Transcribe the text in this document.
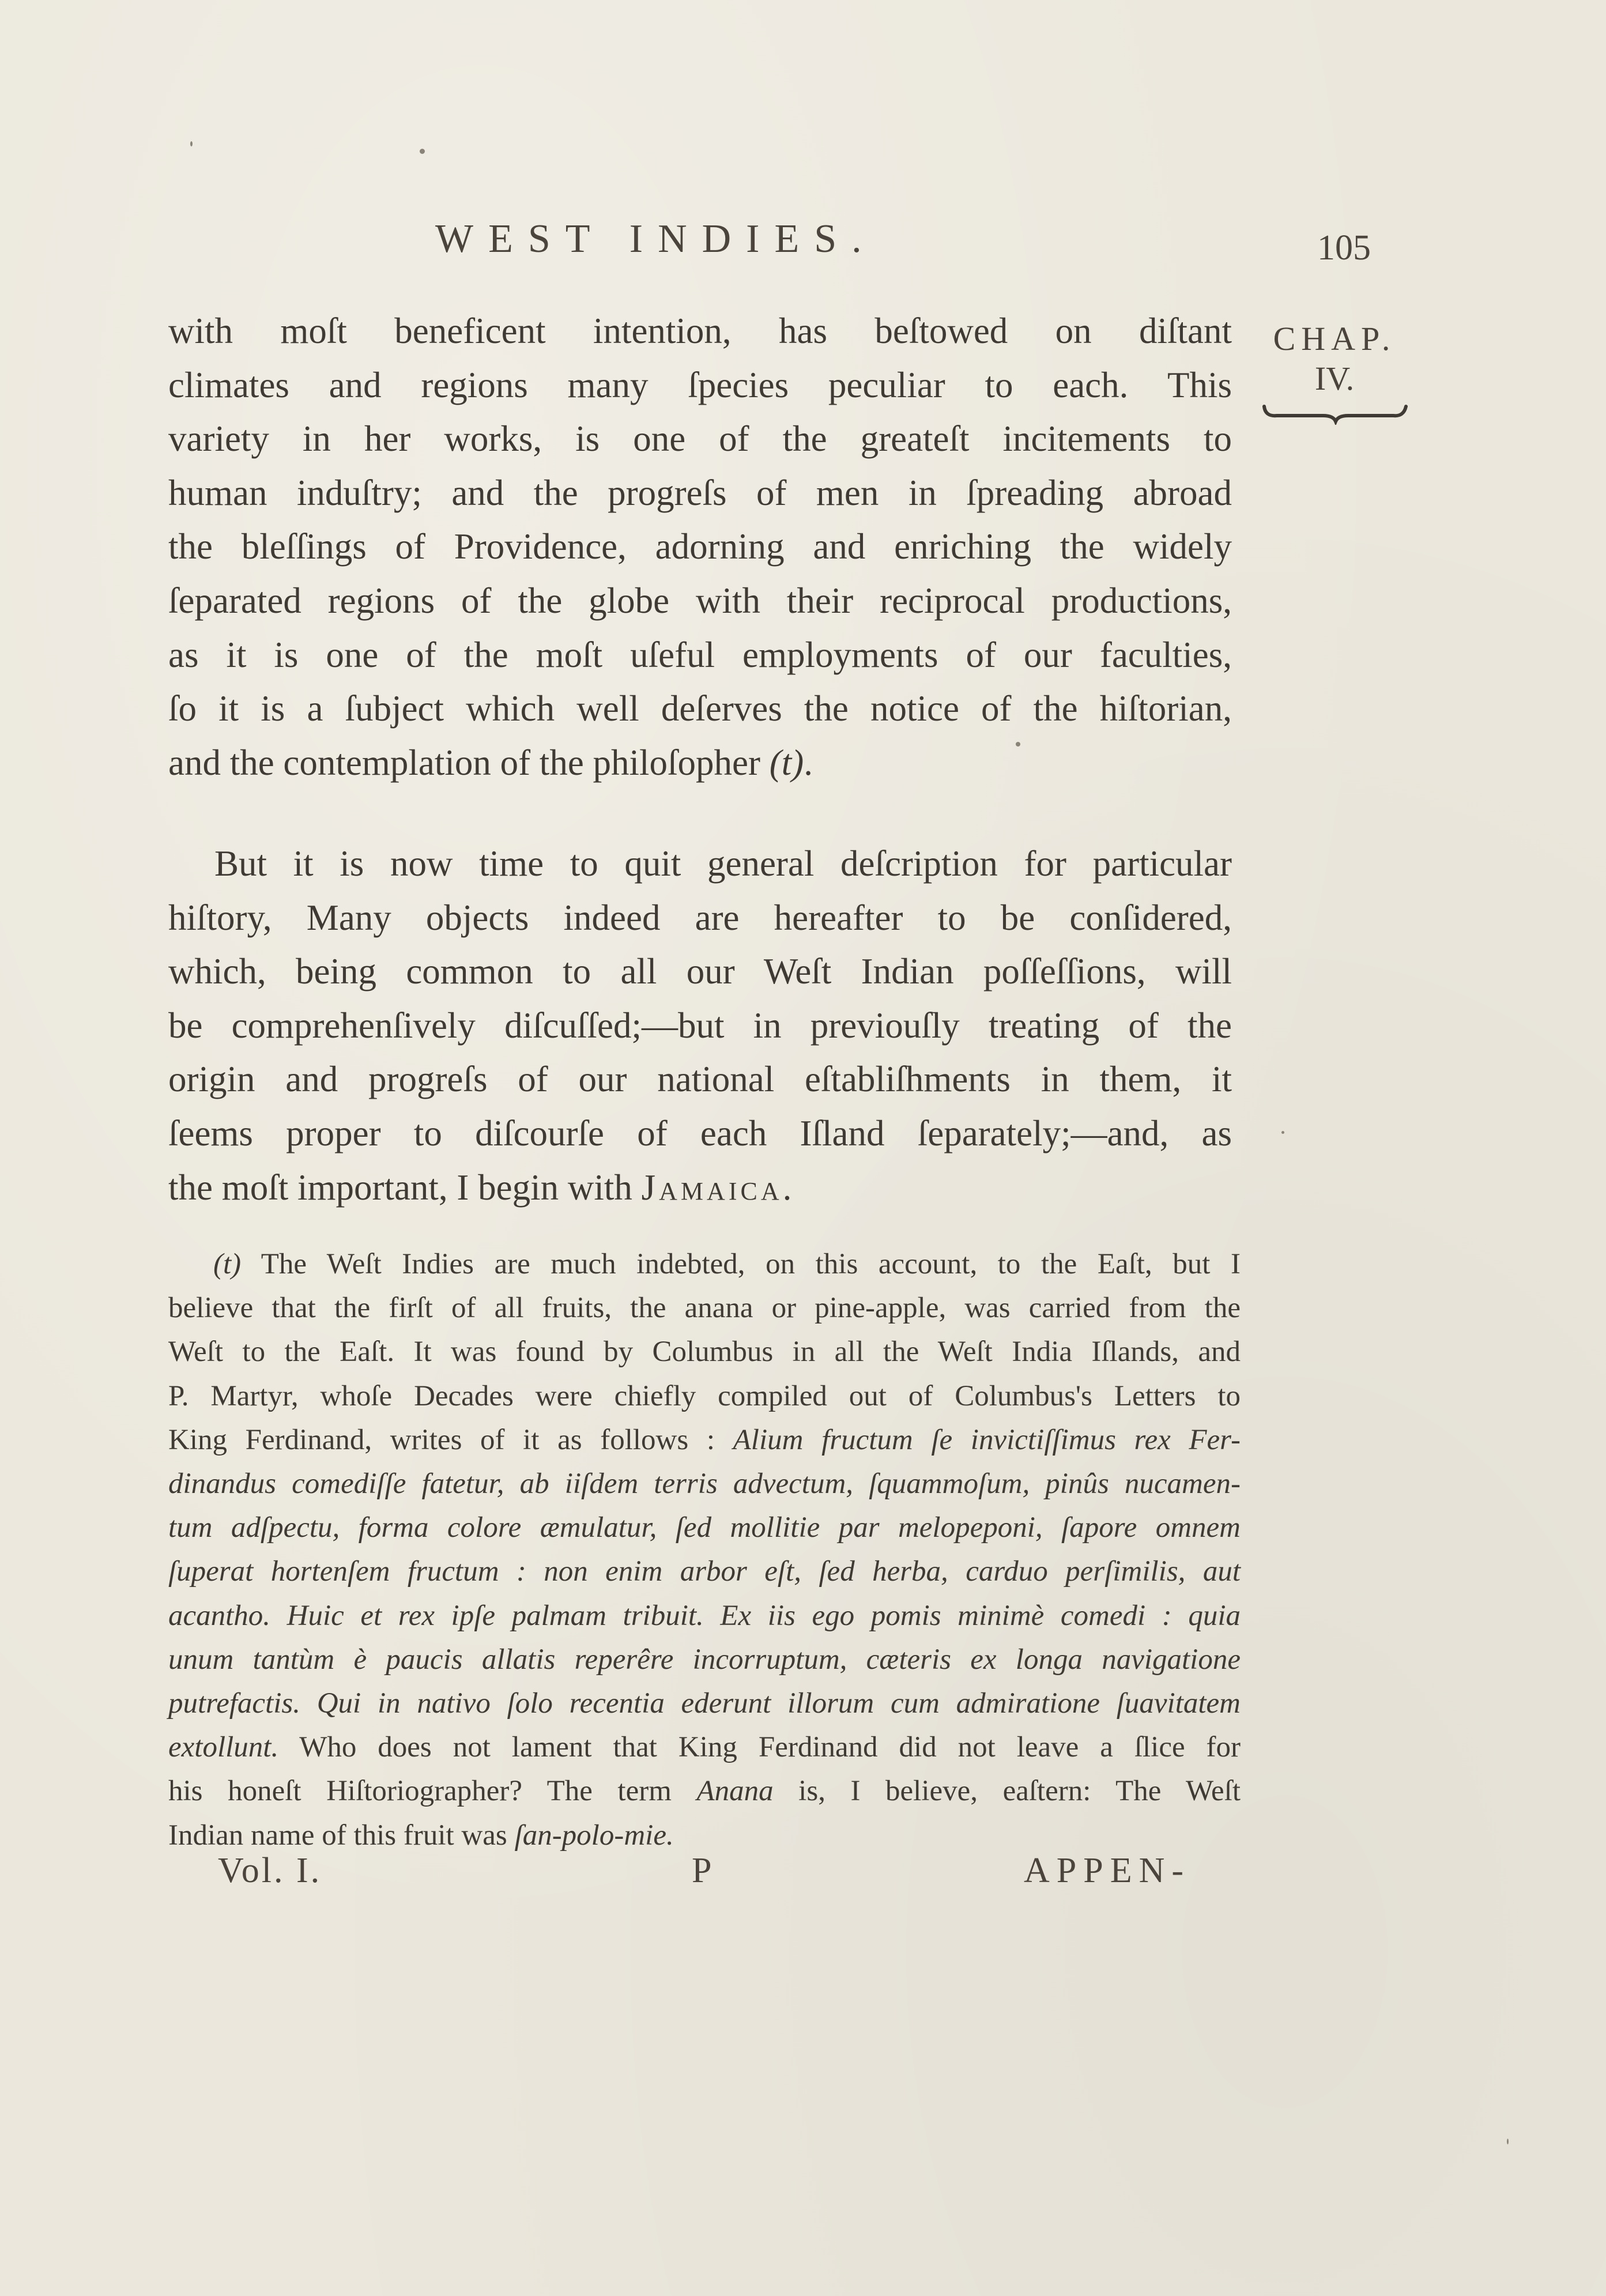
WEST INDIES.	105
CHAP.
IV.
with moſt beneficent intention, has beſtowed on diſtant
climates and regions many ſpecies peculiar to each. This
variety in her works, is one of the greateſt incitements to
human induſtry; and the progreſs of men in ſpreading abroad
the bleſſings of Providence, adorning and enriching the widely
ſeparated regions of the globe with their reciprocal productions,
as it is one of the moſt uſeful employments of our faculties,
ſo it is a ſubject which well deſerves the notice of the hiſtorian,
and the contemplation of the philoſopher (t).
But it is now time to quit general deſcription for particular
hiſtory, Many objects indeed are hereafter to be conſidered,
which, being common to all our Weſt Indian poſſeſſions, will
be comprehenſively diſcuſſed;—but in previouſly treating of the
origin and progreſs of our national eſtabliſhments in them, it
ſeems proper to diſcourſe of each Iſland ſeparately;—and, as
the moſt important, I begin with Jamaica.
(t) The Weſt Indies are much indebted, on this account, to the Eaſt, but I
believe that the firſt of all fruits, the anana or pine-apple, was carried from the
Weſt to the Eaſt. It was found by Columbus in all the Weſt India Iſlands, and
P. Martyr, whoſe Decades were chiefly compiled out of Columbus's Letters to
King Ferdinand, writes of it as follows : Alium fructum ſe invictiſſimus rex Fer-
dinandus comediſſe fatetur, ab iiſdem terris advectum, ſquammoſum, pinûs nucamen-
tum adſpectu, forma colore æmulatur, ſed mollitie par melopeponi, ſapore omnem
ſuperat hortenſem fructum : non enim arbor eſt, ſed herba, carduo perſimilis, aut
acantho. Huic et rex ipſe palmam tribuit. Ex iis ego pomis minimè comedi : quia
unum tantùm è paucis allatis reperêre incorruptum, cæteris ex longa navigatione
putrefactis. Qui in nativo ſolo recentia ederunt illorum cum admiratione ſuavitatem
extollunt. Who does not lament that King Ferdinand did not leave a ſlice for
his honeſt Hiſtoriographer? The term Anana is, I believe, eaſtern: The Weſt
Indian name of this fruit was ſan-polo-mie.
Vol. I.	P	APPEN-
